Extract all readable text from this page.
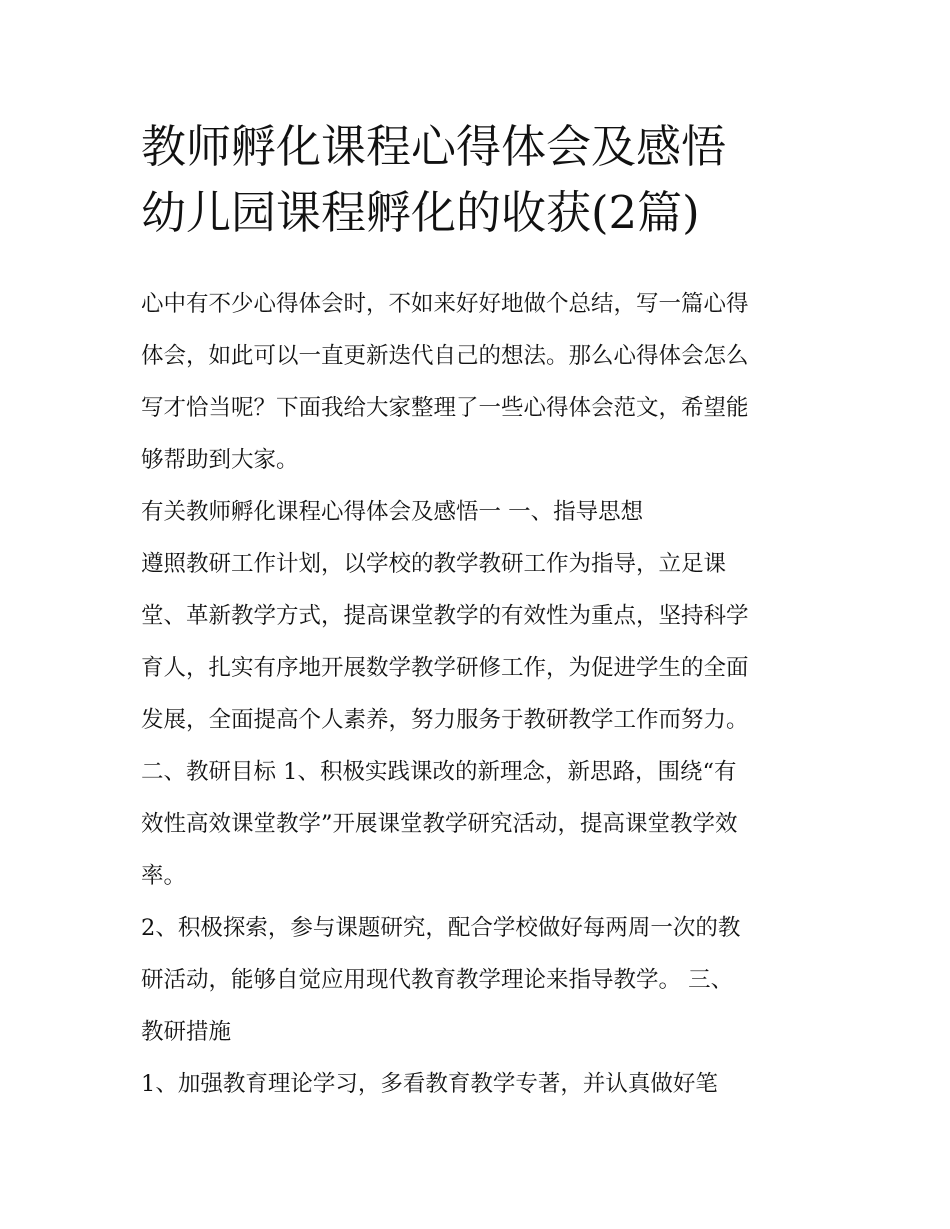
教师孵化课程心得体会及感悟
幼儿园课程孵化的收获(2篇)

心中有不少心得体会时，不如来好好地做个总结，写一篇心得
体会，如此可以一直更新迭代自己的想法。那么心得体会怎么
写才恰当呢？下面我给大家整理了一些心得体会范文，希望能
够帮助到大家。

有关教师孵化课程心得体会及感悟一 一、指导思想

遵照教研工作计划，以学校的教学教研工作为指导，立足课
堂、革新教学方式，提高课堂教学的有效性为重点，坚持科学
育人，扎实有序地开展数学教学研修工作，为促进学生的全面
发展，全面提高个人素养，努力服务于教研教学工作而努力。
二、教研目标 1、积极实践课改的新理念，新思路，围绕“有
效性高效课堂教学”开展课堂教学研究活动，提高课堂教学效
率。

2、积极探索，参与课题研究，配合学校做好每两周一次的教
研活动，能够自觉应用现代教育教学理论来指导教学。 三、
教研措施

1、加强教育理论学习，多看教育教学专著，并认真做好笔
